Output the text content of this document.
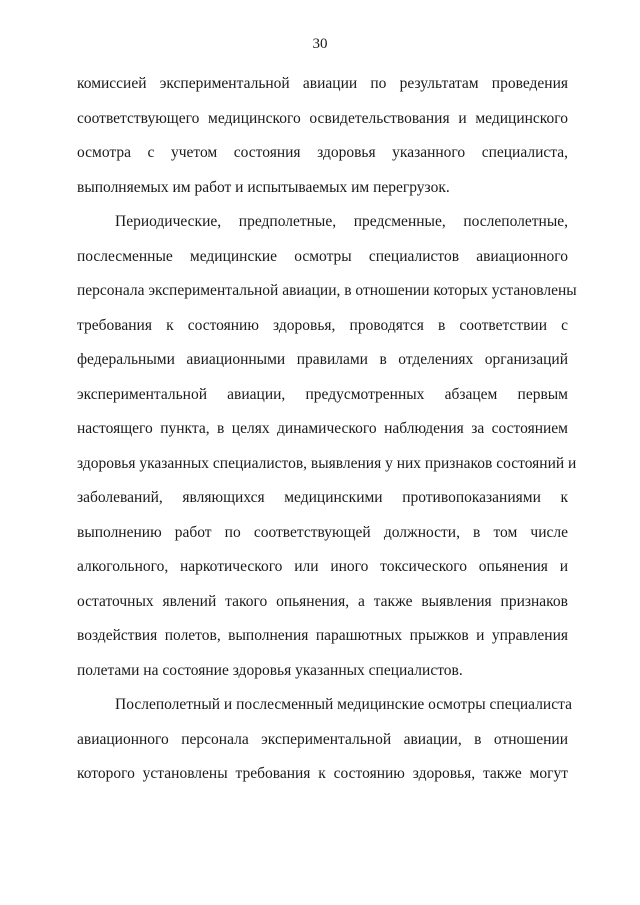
30
комиссией экспериментальной авиации по результатам проведения
соответствующего медицинского освидетельствования и медицинского
осмотра с учетом состояния здоровья указанного специалиста,
выполняемых им работ и испытываемых им перегрузок.
Периодические, предполетные, предсменные, послеполетные,
послесменные медицинские осмотры специалистов авиационного
персонала экспериментальной авиации, в отношении которых установлены
требования к состоянию здоровья, проводятся в соответствии с
федеральными авиационными правилами в отделениях организаций
экспериментальной авиации, предусмотренных абзацем первым
настоящего пункта, в целях динамического наблюдения за состоянием
здоровья указанных специалистов, выявления у них признаков состояний и
заболеваний, являющихся медицинскими противопоказаниями к
выполнению работ по соответствующей должности, в том числе
алкогольного, наркотического или иного токсического опьянения и
остаточных явлений такого опьянения, а также выявления признаков
воздействия полетов, выполнения парашютных прыжков и управления
полетами на состояние здоровья указанных специалистов.
Послеполетный и послесменный медицинские осмотры специалиста
авиационного персонала экспериментальной авиации, в отношении
которого установлены требования к состоянию здоровья, также могут
